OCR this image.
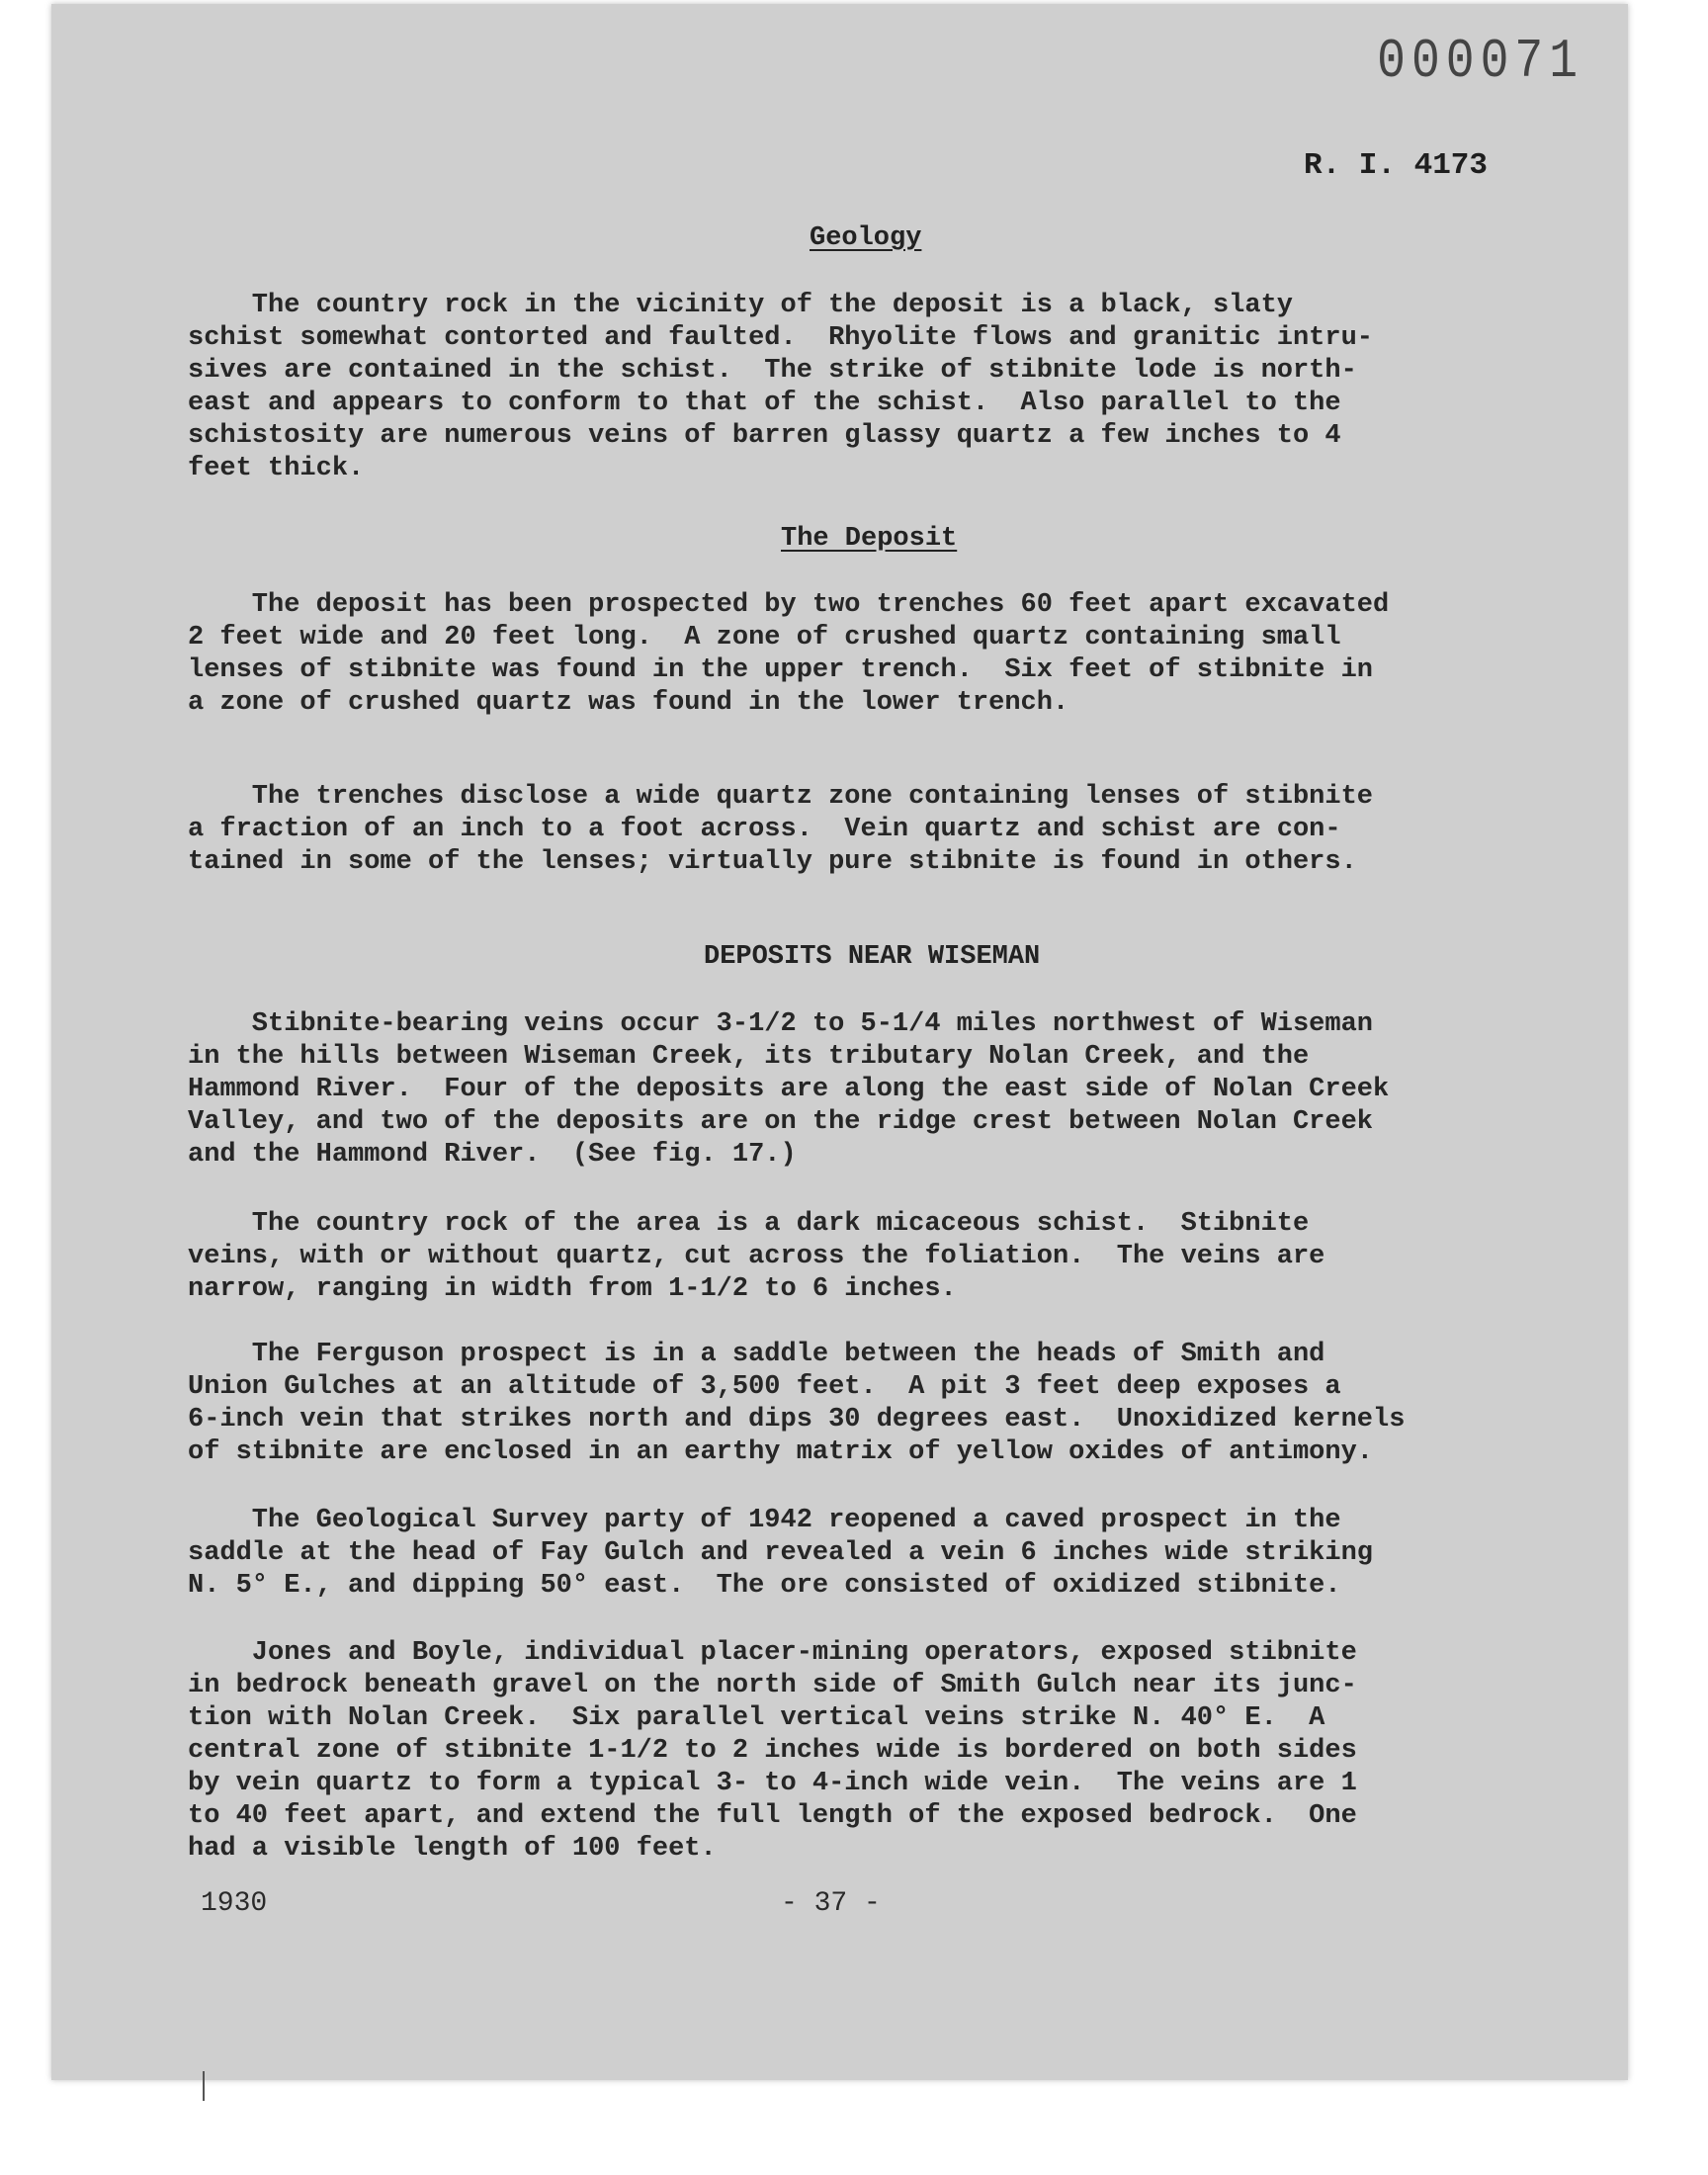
000071
R. I. 4173
Geology
The country rock in the vicinity of the deposit is a black, slaty
schist somewhat contorted and faulted.  Rhyolite flows and granitic intru-
sives are contained in the schist.  The strike of stibnite lode is north-
east and appears to conform to that of the schist.  Also parallel to the
schistosity are numerous veins of barren glassy quartz a few inches to 4
feet thick.
The Deposit
The deposit has been prospected by two trenches 60 feet apart excavated
2 feet wide and 20 feet long.  A zone of crushed quartz containing small
lenses of stibnite was found in the upper trench.  Six feet of stibnite in
a zone of crushed quartz was found in the lower trench.
The trenches disclose a wide quartz zone containing lenses of stibnite
a fraction of an inch to a foot across.  Vein quartz and schist are con-
tained in some of the lenses; virtually pure stibnite is found in others.
DEPOSITS NEAR WISEMAN
Stibnite-bearing veins occur 3-1/2 to 5-1/4 miles northwest of Wiseman
in the hills between Wiseman Creek, its tributary Nolan Creek, and the
Hammond River.  Four of the deposits are along the east side of Nolan Creek
Valley, and two of the deposits are on the ridge crest between Nolan Creek
and the Hammond River.  (See fig. 17.)
The country rock of the area is a dark micaceous schist.  Stibnite
veins, with or without quartz, cut across the foliation.  The veins are
narrow, ranging in width from 1-1/2 to 6 inches.
The Ferguson prospect is in a saddle between the heads of Smith and
Union Gulches at an altitude of 3,500 feet.  A pit 3 feet deep exposes a
6-inch vein that strikes north and dips 30 degrees east.  Unoxidized kernels
of stibnite are enclosed in an earthy matrix of yellow oxides of antimony.
The Geological Survey party of 1942 reopened a caved prospect in the
saddle at the head of Fay Gulch and revealed a vein 6 inches wide striking
N. 5° E., and dipping 50° east.  The ore consisted of oxidized stibnite.
Jones and Boyle, individual placer-mining operators, exposed stibnite
in bedrock beneath gravel on the north side of Smith Gulch near its junc-
tion with Nolan Creek.  Six parallel vertical veins strike N. 40° E.  A
central zone of stibnite 1-1/2 to 2 inches wide is bordered on both sides
by vein quartz to form a typical 3- to 4-inch wide vein.  The veins are 1
to 40 feet apart, and extend the full length of the exposed bedrock.  One
had a visible length of 100 feet.
1930	- 37 -
